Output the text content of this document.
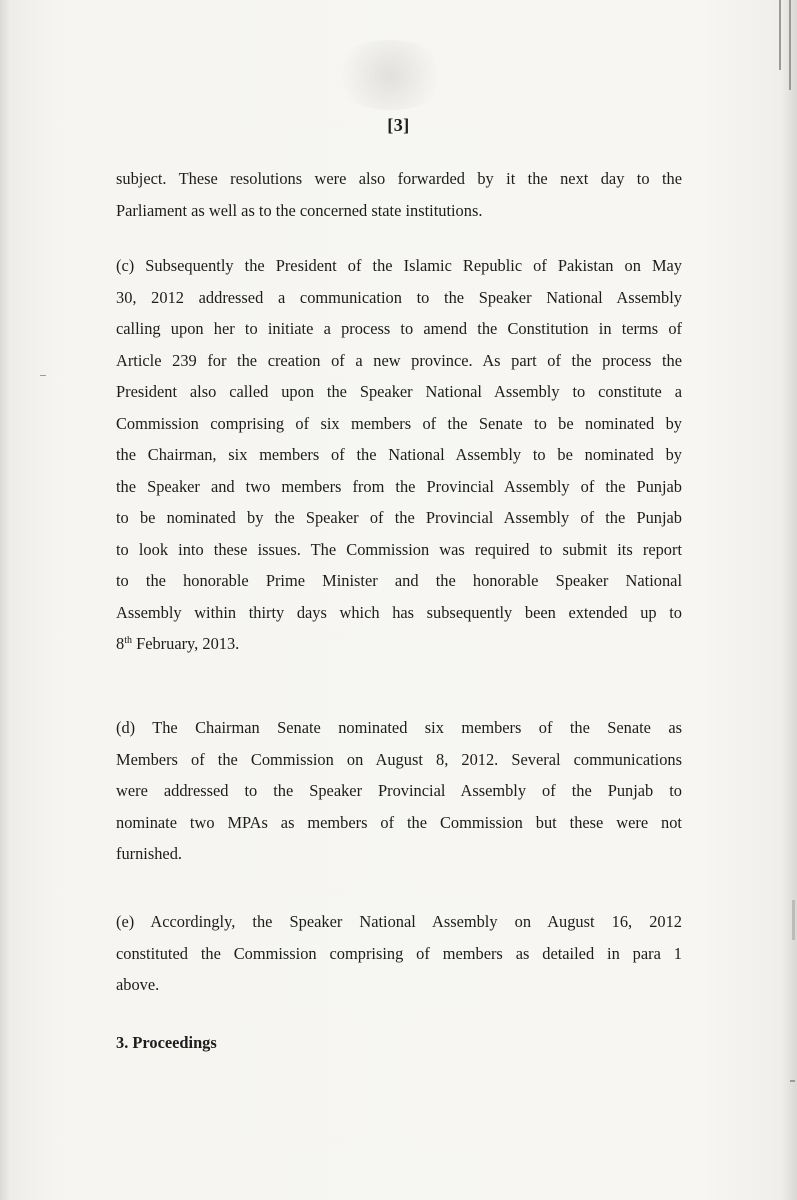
[3]
subject. These resolutions were also forwarded by it the next day to the
Parliament as well as to the concerned state institutions.
(c) Subsequently the President of the Islamic Republic of Pakistan on May
30, 2012 addressed a communication to the Speaker National Assembly
calling upon her to initiate a process to amend the Constitution in terms of
Article 239 for the creation of a new province. As part of the process the
President also called upon the Speaker National Assembly to constitute a
Commission comprising of six members of the Senate to be nominated by
the Chairman, six members of the National Assembly to be nominated by
the Speaker and two members from the Provincial Assembly of the Punjab
to be nominated by the Speaker of the Provincial Assembly of the Punjab
to look into these issues. The Commission was required to submit its report
to the honorable Prime Minister and the honorable Speaker National
Assembly within thirty days which has subsequently been extended up to
8th February, 2013.
(d) The Chairman Senate nominated six members of the Senate as
Members of the Commission on August 8, 2012. Several communications
were addressed to the Speaker Provincial Assembly of the Punjab to
nominate two MPAs as members of the Commission but these were not
furnished.
(e) Accordingly, the Speaker National Assembly on August 16, 2012
constituted the Commission comprising of members as detailed in para 1
above.
3. Proceedings
